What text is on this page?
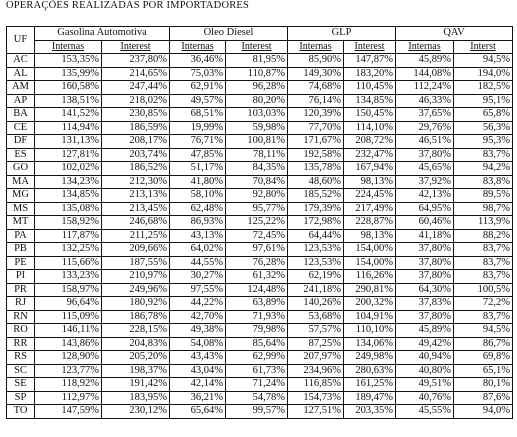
OPERAÇÕES REALIZADAS POR IMPORTADORES
UF	Gasolina Automotiva		Óleo Diesel		GLP		QAV	
	Internas	Interest	Internas	Interest	Internas	Interest	Internas	Interst
AC	153,35%	237,80%	36,46%	81,95%	85,90%	147,87%	45,89%	94,5%
AL	135,99%	214,65%	75,03%	110,87%	149,30%	183,20%	144,08%	194,0%
AM	160,58%	247,44%	62,91%	96,28%	74,68%	110,45%	112,24%	182,5%
AP	138,51%	218,02%	49,57%	80,20%	76,14%	134,85%	46,33%	95,1%
BA	141,52%	230,85%	68,51%	103,03%	120,39%	150,45%	37,65%	65,8%
CE	114,94%	186,59%	19,99%	59,98%	77,70%	114,10%	29,76%	56,3%
DF	131,13%	208,17%	76,71%	100,81%	171,67%	208,72%	46,51%	95,3%
ES	127,81%	203,74%	47,85%	78,11%	192,58%	232,47%	37,80%	83,7%
GO	102,02%	186,52%	51,17%	84,35%	135,78%	167,94%	45,65%	94,2%
MA	134,23%	212,30%	41,80%	70,84%	48,60%	98,13%	37,92%	83,8%
MG	134,85%	213,13%	58,10%	92,80%	185,52%	224,45%	42,13%	89,5%
MS	135,08%	213,45%	62,48%	95,77%	179,39%	217,49%	64,95%	98,7%
MT	158,92%	246,68%	86,93%	125,22%	172,98%	228,87%	60,46%	113,9%
PA	117,87%	211,25%	43,13%	72,45%	64,44%	98,13%	41,18%	88,2%
PB	132,25%	209,66%	64,02%	97,61%	123,53%	154,00%	37,80%	83,7%
PE	115,66%	187,55%	44,55%	76,28%	123,53%	154,00%	37,80%	83,7%
PI	133,23%	210,97%	30,27%	61,32%	62,19%	116,26%	37,80%	83,7%
PR	158,97%	249,96%	97,55%	124,48%	241,18%	290,81%	64,30%	100,5%
RJ	96,64%	180,92%	44,22%	63,89%	140,26%	200,32%	37,83%	72,2%
RN	115,09%	186,78%	42,70%	71,93%	53,68%	104,91%	37,80%	83,7%
RO	146,11%	228,15%	49,38%	79,98%	57,57%	110,10%	45,89%	94,5%
RR	143,86%	204,83%	54,08%	85,64%	87,25%	134,06%	49,42%	86,7%
RS	128,90%	205,20%	43,43%	62,99%	207,97%	249,98%	40,94%	69,8%
SC	123,77%	198,37%	43,04%	61,73%	234,96%	280,63%	40,80%	65,1%
SE	118,92%	191,42%	42,14%	71,24%	116,85%	161,25%	49,51%	80,1%
SP	112,97%	183,95%	36,21%	54,78%	154,73%	189,47%	40,76%	87,6%
TO	147,59%	230,12%	65,64%	99,57%	127,51%	203,35%	45,55%	94,0%
